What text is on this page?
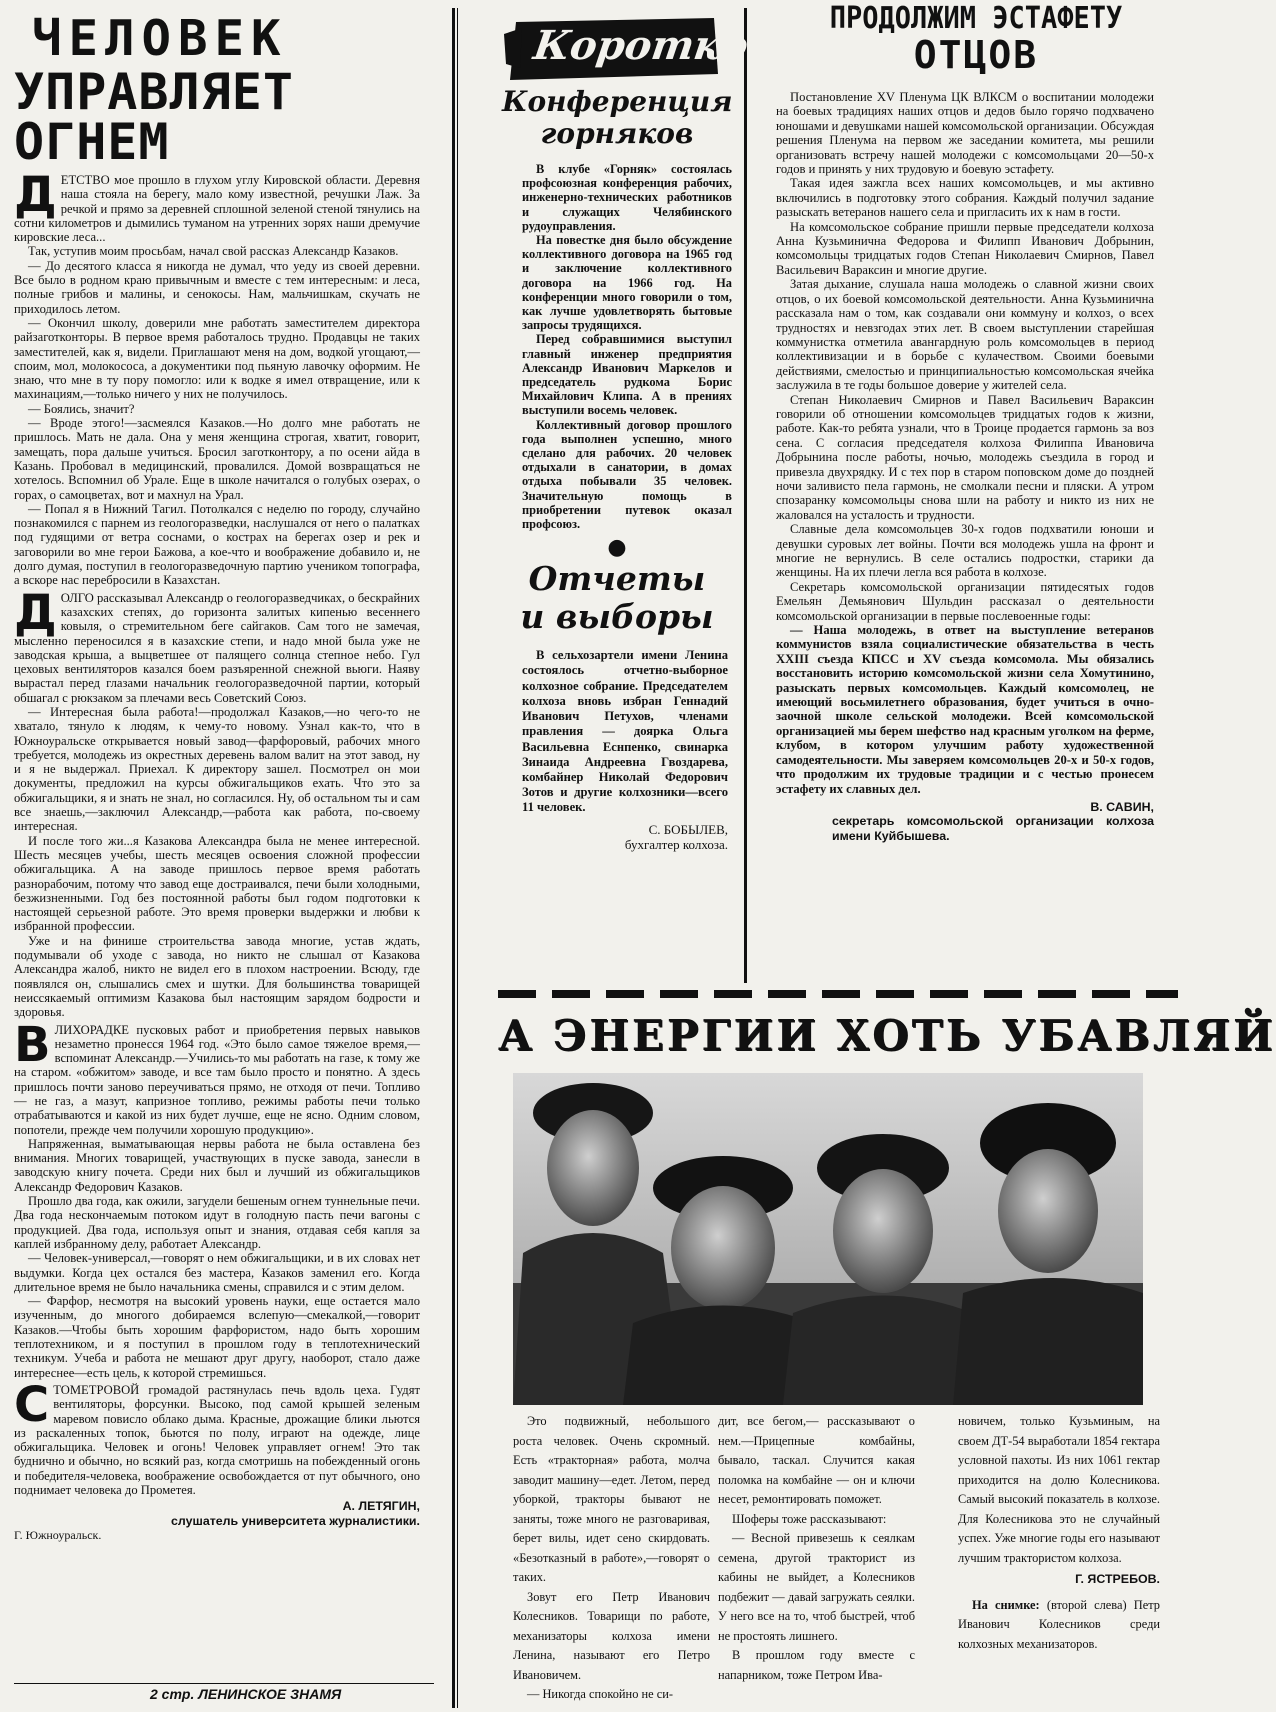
ЧЕЛОВЕК
УПРАВЛЯЕТ ОГНЕМ

ДЕТСТВО мое прошло в глухом углу Кировской области. Деревня наша стояла на берегу, мало кому известной, речушки Лаж. За речкой и прямо за деревней сплошной зеленой стеной тянулись на сотни километров и дымились туманом на утренних зорях наши дремучие кировские леса...

Так, уступив моим просьбам, начал свой рассказ Александр Казаков.

— До десятого класса я никогда не думал, что уеду из своей деревни. Все было в родном краю привычным и вместе с тем интересным: и леса, полные грибов и малины, и сенокосы. Нам, мальчишкам, скучать не приходилось летом.

— Окончил школу, доверили мне работать заместителем директора райзаготконторы. В первое время работалось трудно. Продавцы не таких заместителей, как я, видели. Приглашают меня на дом, водкой угощают,—споим, мол, молокососа, а документики под пьяную лавочку оформим. Не знаю, что мне в ту пору помогло: или к водке я имел отвращение, или к махинациям,—только ничего у них не получилось.

— Боялись, значит?

— Вроде этого!—засмеялся Казаков.—Но долго мне работать не пришлось. Мать не дала. Она у меня женщина строгая, хватит, говорит, замещать, пора дальше учиться. Бросил заготконтору, а по осени айда в Казань. Пробовал в медицинский, провалился. Домой возвращаться не хотелось. Вспомнил об Урале. Еще в школе начитался о голубых озерах, о горах, о самоцветах, вот и махнул на Урал.

— Попал я в Нижний Тагил. Потолкался с неделю по городу, случайно познакомился с парнем из геологоразведки, наслушался от него о палатках под гудящими от ветра соснами, о кострах на берегах озер и рек и заговорили во мне герои Бажова, а кое-что и воображение добавило и, не долго думая, поступил в геологоразведочную партию учеником топографа, а вскоре нас перебросили в Казахстан.

ДОЛГО рассказывал Александр о геологоразведчиках, о бескрайних казахских степях, до горизонта залитых кипенью весеннего ковыля, о стремительном беге сайгаков. Сам того не замечая, мысленно переносился я в казахские степи, и надо мной была уже не заводская крыша, а выцветшее от палящего солнца степное небо. Гул цеховых вентиляторов казался боем разъяренной снежной вьюги. Наяву вырастал перед глазами начальник геологоразведочной партии, который обшагал с рюкзаком за плечами весь Советский Союз.

— Интересная была работа!—продолжал Казаков,—но чего-то не хватало, тянуло к людям, к чему-то новому. Узнал как-то, что в Южноуральске открывается новый завод—фарфоровый, рабочих много требуется, молодежь из окрестных деревень валом валит на этот завод, ну и я не выдержал. Приехал. К директору зашел. Посмотрел он мои документы, предложил на курсы обжигальщиков ехать. Что это за обжигальщики, я и знать не знал, но согласился. Ну, об остальном ты и сам все знаешь,—заключил Александр,—работа как работа, по-своему интересная.

И после того жи...я Казакова Александра была не менее интересной. Шесть месяцев учебы, шесть месяцев освоения сложной профессии обжигальщика. А на заводе пришлось первое время работать разнорабочим, потому что завод еще достраивался, печи были холодными, безжизненными. Год без постоянной работы был годом подготовки к настоящей серьезной работе. Это время проверки выдержки и любви к избранной профессии.

Уже и на финише строительства завода многие, устав ждать, подумывали об уходе с завода, но никто не слышал от Казакова Александра жалоб, никто не видел его в плохом настроении. Всюду, где появлялся он, слышались смех и шутки. Для большинства товарищей неиссякаемый оптимизм Казакова был настоящим зарядом бодрости и здоровья.

ВЛИХОРАДКЕ пусковых работ и приобретения первых навыков незаметно пронесся 1964 год. «Это было самое тяжелое время,—вспоминат Александр.—Учились-то мы работать на газе, к тому же на старом. «обжитом» заводе, и все там было просто и понятно. А здесь пришлось почти заново переучиваться прямо, не отходя от печи. Топливо — не газ, а мазут, капризное топливо, режимы работы печи только отрабатываются и какой из них будет лучше, еще не ясно. Одним словом, попотели, прежде чем получили хорошую продукцию».

Напряженная, выматывающая нервы работа не была оставлена без внимания. Многих товарищей, участвующих в пуске завода, занесли в заводскую книгу почета. Среди них был и лучший из обжигальщиков Александр Федорович Казаков.

Прошло два года, как ожили, загудели бешеным огнем туннельные печи. Два года нескончаемым потоком идут в голодную пасть печи вагоны с продукцией. Два года, используя опыт и знания, отдавая себя капля за каплей избранному делу, работает Александр.

— Человек-универсал,—говорят о нем обжигальщики, и в их словах нет выдумки. Когда цех остался без мастера, Казаков заменил его. Когда длительное время не было начальника смены, справился и с этим делом.

— Фарфор, несмотря на высокий уровень науки, еще остается мало изученным, до многого добираемся вслепую—смекалкой,—говорит Казаков.—Чтобы быть хорошим фарфористом, надо быть хорошим теплотехником, и я поступил в прошлом году в теплотехнический техникум. Учеба и работа не мешают друг другу, наоборот, стало даже интереснее—есть цель, к которой стремишься.

СТОМЕТРОВОЙ громадой растянулась печь вдоль цеха. Гудят вентиляторы, форсунки. Высоко, под самой крышей зеленым маревом повисло облако дыма. Красные, дрожащие блики льются из раскаленных топок, бьются по полу, играют на одежде, лице обжигальщика. Человек и огонь! Человек управляет огнем! Это так буднично и обычно, но всякий раз, когда смотришь на побежденный огонь и победителя-человека, воображение освобождается от пут обычного, оно поднимает человека до Прометея.

А. ЛЕТЯГИН,
слушатель университета журналистики.
Г. Южноуральск.
2 стр. ЛЕНИНСКОЕ ЗНАМЯ
Коротко
Конференция горняков

В клубе «Горняк» состоялась профсоюзная конференция рабочих, инженерно-технических работников и служащих Челябинского рудоуправления.

На повестке дня было обсуждение коллективного договора на 1965 год и заключение коллективного договора на 1966 год. На конференции много говорили о том, как лучше удовлетворять бытовые запросы трудящихся.

Перед собравшимися выступил главный инженер предприятия Александр Иванович Маркелов и председатель рудкома Борис Михайлович Клипа. А в прениях выступили восемь человек.

Коллективный договор прошлого года выполнен успешно, много сделано для рабочих. 20 человек отдыхали в санатории, в домах отдыха побывали 35 человек. Значительную помощь в приобретении путевок оказал профсоюз.

●
Отчеты
и выборы

В сельхозартели имени Ленина состоялось отчетно-выборное колхозное собрание. Председателем колхоза вновь избран Геннадий Иванович Петухов, членами правления — доярка Ольга Васильевна Еснпенко, свинарка Зинаида Андреевна Гвоздарева, комбайнер Николай Федорович Зотов и другие колхозники—всего 11 человек.

С. БОБЫЛЕВ,
бухгалтер колхоза.
ПРОДОЛЖИМ ЭСТАФЕТУ
ОТЦОВ

Постановление XV Пленума ЦК ВЛКСМ о воспитании молодежи на боевых традициях наших отцов и дедов было горячо подхвачено юношами и девушками нашей комсомольской организации. Обсуждая решения Пленума на первом же заседании комитета, мы решили организовать встречу нашей молодежи с комсомольцами 20—50-х годов и принять у них трудовую и боевую эстафету.

Такая идея зажгла всех наших комсомольцев, и мы активно включились в подготовку этого собрания. Каждый получил задание разыскать ветеранов нашего села и пригласить их к нам в гости.

На комсомольское собрание пришли первые председатели колхоза Анна Кузьминична Федорова и Филипп Иванович Добрынин, комсомольцы тридцатых годов Степан Николаевич Смирнов, Павел Васильевич Вараксин и многие другие.

Затая дыхание, слушала наша молодежь о славной жизни своих отцов, о их боевой комсомольской деятельности. Анна Кузьминична рассказала нам о том, как создавали они коммуну и колхоз, о всех трудностях и невзгодах этих лет. В своем выступлении старейшая коммунистка отметила авангардную роль комсомольцев в период коллективизации и в борьбе с кулачеством. Своими боевыми действиями, смелостью и принципиальностью комсомольская ячейка заслужила в те годы большое доверие у жителей села.

Степан Николаевич Смирнов и Павел Васильевич Вараксин говорили об отношении комсомольцев тридцатых годов к жизни, работе. Как-то ребята узнали, что в Троице продается гармонь за воз сена. С согласия председателя колхоза Филиппа Ивановича Добрынина после работы, ночью, молодежь съездила в город и привезла двухрядку. И с тех пор в старом поповском доме до поздней ночи заливисто пела гармонь, не смолкали песни и пляски. А утром спозаранку комсомольцы снова шли на работу и никто из них не жаловался на усталость и трудности.

Славные дела комсомольцев 30-х годов подхватили юноши и девушки суровых лет войны. Почти вся молодежь ушла на фронт и многие не вернулись. В селе остались подростки, старики да женщины. На их плечи легла вся работа в колхозе.

Секретарь комсомольской организации пятидесятых годов Емельян Демьянович Шульдин рассказал о деятельности комсомольской организации в первые послевоенные годы:

— Наша молодежь, в ответ на выступление ветеранов коммунистов взяла социалистические обязательства в честь XXIII съезда КПСС и XV съезда комсомола. Мы обязались восстановить историю комсомольской жизни села Хомутинино, разыскать первых комсомольцев. Каждый комсомолец, не имеющий восьмилетнего образования, будет учиться в очно-заочной школе сельской молодежи. Всей комсомольской организацией мы берем шефство над красным уголком на ферме, клубом, в котором улучшим работу художественной самодеятельности. Мы заверяем комсомольцев 20-х и 50-х годов, что продолжим их трудовые традиции и с честью пронесем эстафету их славных дел.

В. САВИН,
секретарь комсомольской организации колхоза имени Куйбышева.
А ЭНЕРГИИ ХОТЬ УБАВЛЯЙ

Это подвижный, небольшого роста человек. Очень скромный. Есть «тракторная» работа, молча заводит машину—едет. Летом, перед уборкой, тракторы бывают не заняты, тоже много не разговаривая, берет вилы, идет сено скирдовать. «Безотказный в работе»,—говорят о таких.

Зовут его Петр Иванович Колесников. Товарищи по работе, механизаторы колхоза имени Ленина, называют его Петро Ивановичем.

— Никогда спокойно не си-

дит, все бегом,— рассказывают о нем.—Прицепные комбайны, бывало, таскал. Случится какая поломка на комбайне — он и ключи несет, ремонтировать поможет.

Шоферы тоже рассказывают:

— Весной привезешь к сеялкам семена, другой тракторист из кабины не выйдет, а Колесников подбежит — давай загружать сеялки. У него все на то, чтоб быстрей, чтоб не простоять лишнего.

В прошлом году вместе с напарником, тоже Петром Ива-

новичем, только Кузьминым, на своем ДТ-54 выработали 1854 гектара условной пахоты. Из них 1061 гектар приходится на долю Колесникова. Самый высокий показатель в колхозе. Для Колесникова это не случайный успех. Уже многие годы его называют лучшим трактористом колхоза.

Г. ЯСТРЕБОВ.
На снимке: (второй слева) Петр Иванович Колесников среди колхозных механизаторов.
